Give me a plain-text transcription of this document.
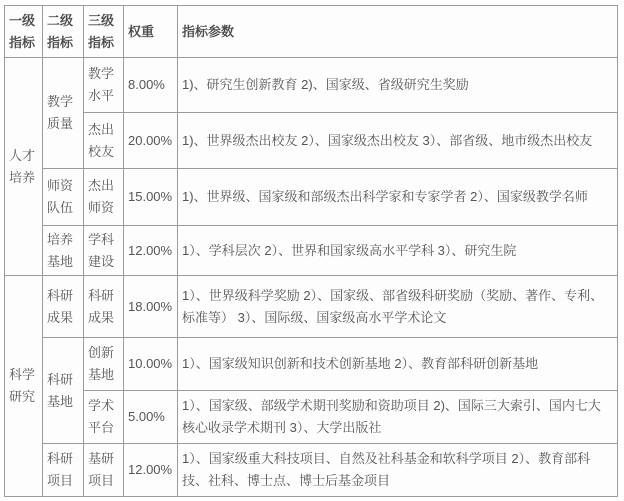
一级指标	二级指标	三级指标	权重	指标参数
人才培养	教学质量	教学水平	8.00%	1)、研究生创新教育 2)、国家级、省级研究生奖励
		杰出校友	20.00%	1)、世界级杰出校友 2）、国家级杰出校友 3）、部省级、地市级杰出校友
	师资队伍	杰出师资	15.00%	1)、世界级、国家级和部级杰出科学家和专家学者 2）、国家级教学名师
	培养基地	学科建设	12.00%	1）、学科层次 2）、世界和国家级高水平学科 3）、研究生院
科学研究	科研成果	科研成果	18.00%	1）、世界级科学奖励 2）、国家级、部省级科研奖励（奖励、著作、专利、标准等） 3）、国际级、国家级高水平学术论文
	科研基地	创新基地	10.00%	1）、国家级知识创新和技术创新基地 2）、教育部科研创新基地
		学术平台	5.00%	1）、国家级、部级学术期刊奖励和资助项目 2)、国际三大索引、国内七大核心收录学术期刊 3）、大学出版社
	科研项目	基研项目	12.00%	1）、国家级重大科技项目、自然及社科基金和软科学项目 2）、教育部科技、社科、博士点、博士后基金项目
